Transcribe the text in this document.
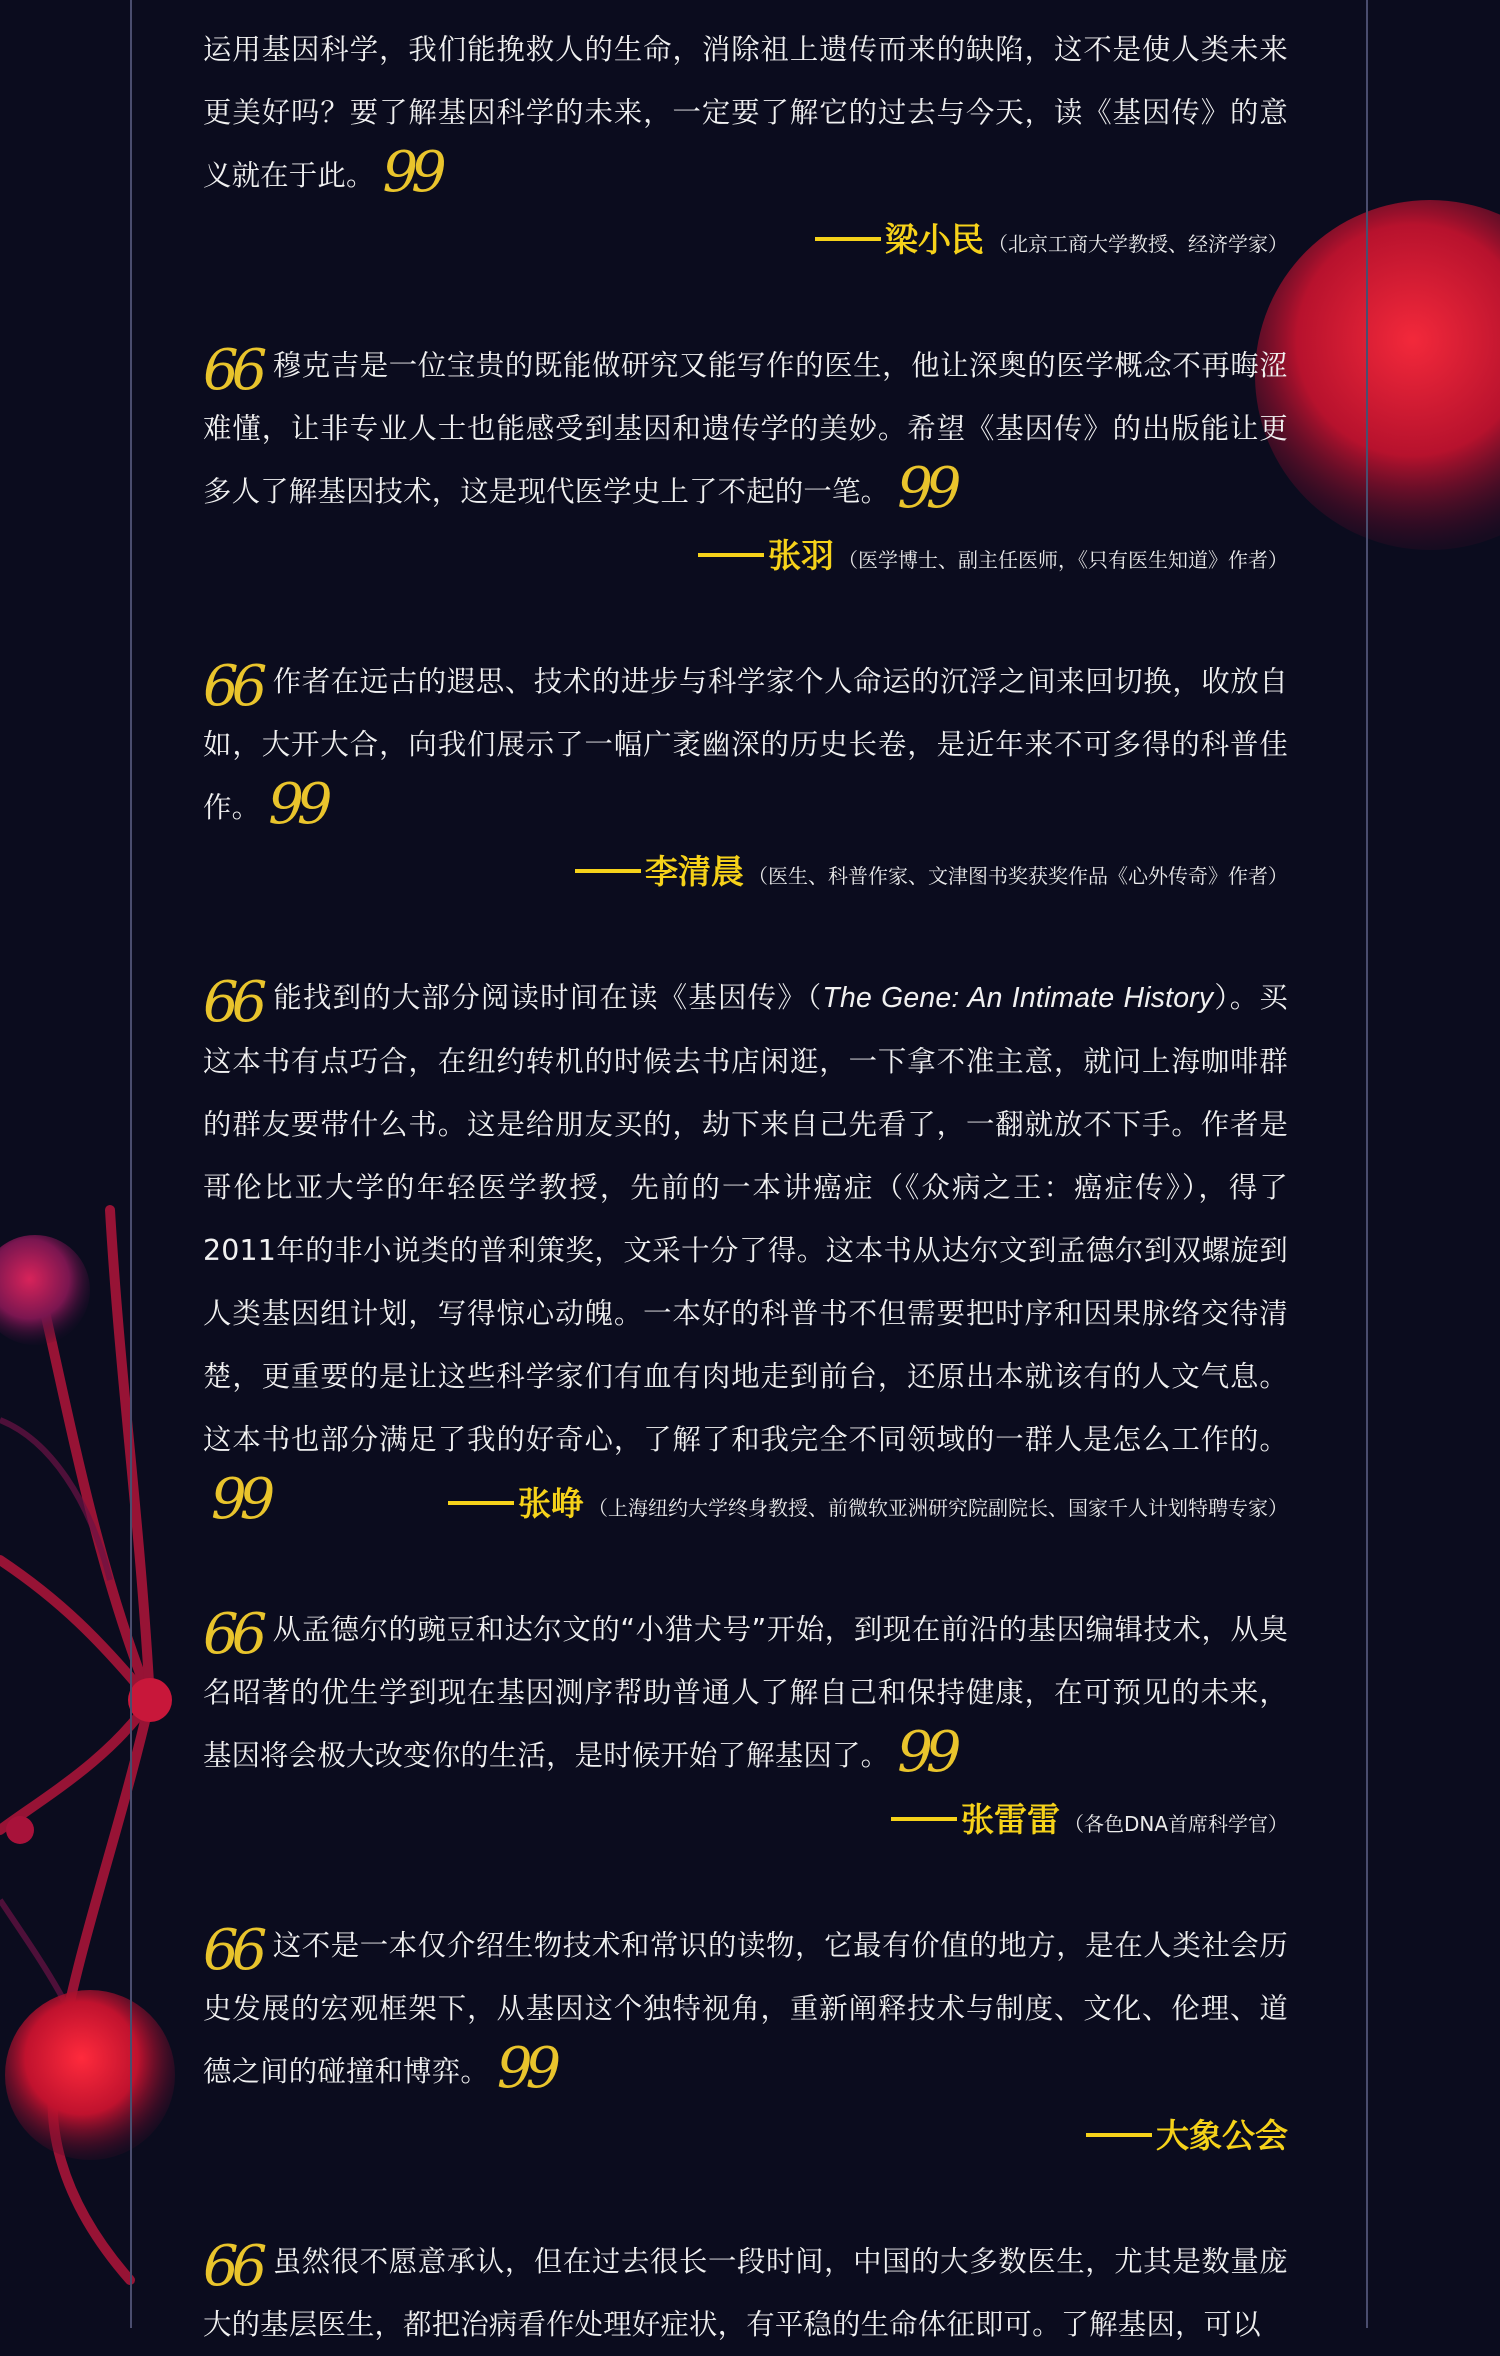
运用基因科学，我们能挽救人的生命，消除祖上遗传而来的缺陷，这不是使人类未来更美好吗？要了解基因科学的未来，一定要了解它的过去与今天，读《基因传》的意义就在于此。 99

梁小民 （北京工商大学教授、经济学家）

66 穆克吉是一位宝贵的既能做研究又能写作的医生，他让深奥的医学概念不再晦涩难懂，让非专业人士也能感受到基因和遗传学的美妙。希望《基因传》的出版能让更多人了解基因技术，这是现代医学史上了不起的一笔。 99

张羽 （医学博士、副主任医师，《只有医生知道》作者）

66 作者在远古的遐思、技术的进步与科学家个人命运的沉浮之间来回切换，收放自如，大开大合，向我们展示了一幅广袤幽深的历史长卷，是近年来不可多得的科普佳作。 99

李清晨 （医生、科普作家、文津图书奖获奖作品《心外传奇》作者）

66 能找到的大部分阅读时间在读《基因传》（The Gene: An Intimate History）。买这本书有点巧合，在纽约转机的时候去书店闲逛，一下拿不准主意，就问上海咖啡群的群友要带什么书。这是给朋友买的，劫下来自己先看了，一翻就放不下手。作者是哥伦比亚大学的年轻医学教授，先前的一本讲癌症（《众病之王：癌症传》），得了2011年的非小说类的普利策奖，文采十分了得。这本书从达尔文到孟德尔到双螺旋到人类基因组计划，写得惊心动魄。一本好的科普书不但需要把时序和因果脉络交待清楚，更重要的是让这些科学家们有血有肉地走到前台，还原出本就该有的人文气息。这本书也部分满足了我的好奇心，了解了和我完全不同领域的一群人是怎么工作的。99	张峥 （上海纽约大学终身教授、前微软亚洲研究院副院长、国家千人计划特聘专家）

66 从孟德尔的豌豆和达尔文的“小猎犬号”开始，到现在前沿的基因编辑技术，从臭名昭著的优生学到现在基因测序帮助普通人了解自己和保持健康，在可预见的未来，基因将会极大改变你的生活，是时候开始了解基因了。 99

张雷雷 （各色DNA首席科学官）

66 这不是一本仅介绍生物技术和常识的读物，它最有价值的地方，是在人类社会历史发展的宏观框架下，从基因这个独特视角，重新阐释技术与制度、文化、伦理、道德之间的碰撞和博弈。 99

大象公会

66 虽然很不愿意承认，但在过去很长一段时间，中国的大多数医生，尤其是数量庞大的基层医生，都把治病看作处理好症状，有平稳的生命体征即可。了解基因，可以
